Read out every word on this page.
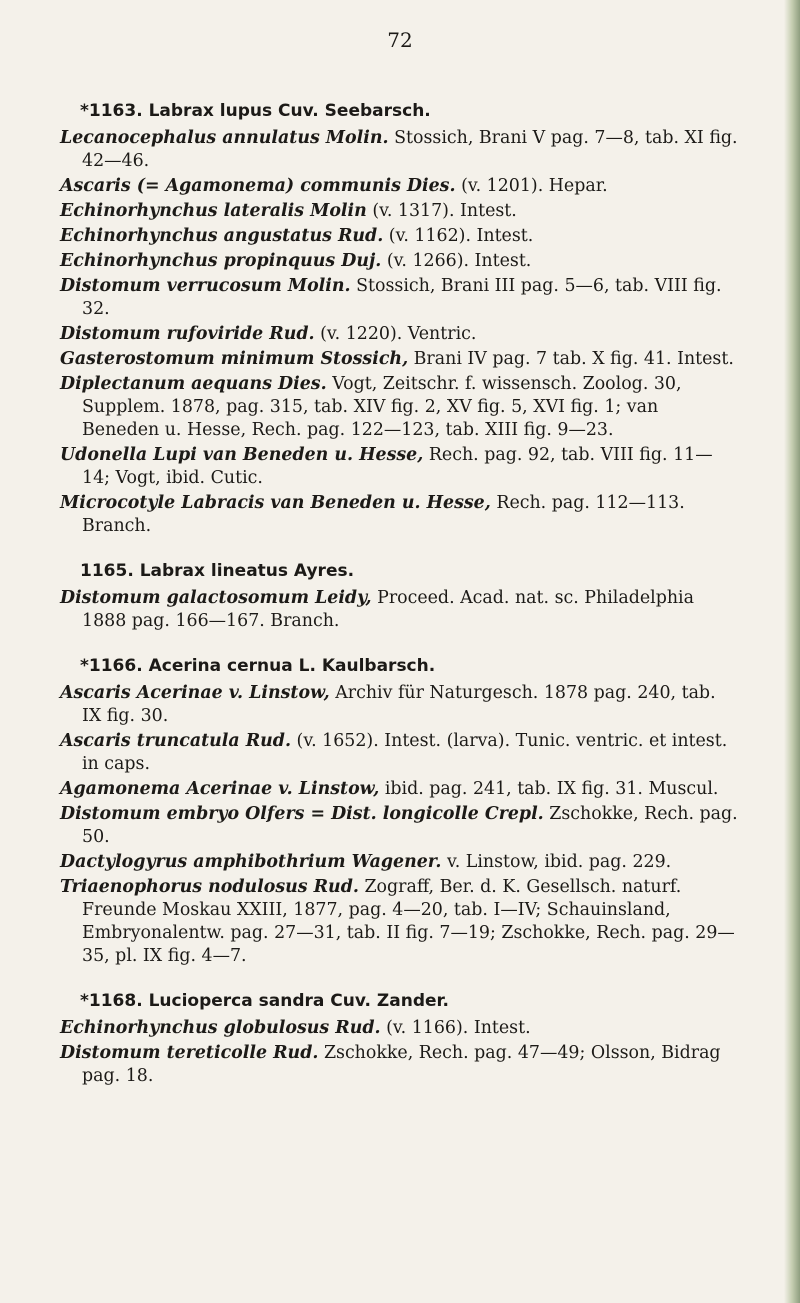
72
*1163. Labrax lupus Cuv. Seebarsch.

Lecanocephalus annulatus Molin. Stossich, Brani V pag. 7—8, tab. XI fig. 42—46.

Ascaris (= Agamonema) communis Dies. (v. 1201). Hepar.

Echinorhynchus lateralis Molin (v. 1317). Intest.

Echinorhynchus angustatus Rud. (v. 1162). Intest.

Echinorhynchus propinquus Duj. (v. 1266). Intest.

Distomum verrucosum Molin. Stossich, Brani III pag. 5—6, tab. VIII fig. 32.

Distomum rufoviride Rud. (v. 1220). Ventric.

Gasterostomum minimum Stossich, Brani IV pag. 7 tab. X fig. 41. Intest.

Diplectanum aequans Dies. Vogt, Zeitschr. f. wissensch. Zoolog. 30, Supplem. 1878, pag. 315, tab. XIV fig. 2, XV fig. 5, XVI fig. 1; van Beneden u. Hesse, Rech. pag. 122—123, tab. XIII fig. 9—23.

Udonella Lupi van Beneden u. Hesse, Rech. pag. 92, tab. VIII fig. 11—14; Vogt, ibid. Cutic.

Microcotyle Labracis van Beneden u. Hesse, Rech. pag. 112—113. Branch.

1165. Labrax lineatus Ayres.

Distomum galactosomum Leidy, Proceed. Acad. nat. sc. Philadelphia 1888 pag. 166—167. Branch.

*1166. Acerina cernua L. Kaulbarsch.

Ascaris Acerinae v. Linstow, Archiv für Naturgesch. 1878 pag. 240, tab. IX fig. 30.

Ascaris truncatula Rud. (v. 1652). Intest. (larva). Tunic. ventric. et intest. in caps.

Agamonema Acerinae v. Linstow, ibid. pag. 241, tab. IX fig. 31. Muscul.

Distomum embryo Olfers = Dist. longicolle Crepl. Zschokke, Rech. pag. 50.

Dactylogyrus amphibothrium Wagener. v. Linstow, ibid. pag. 229.

Triaenophorus nodulosus Rud. Zograff, Ber. d. K. Gesellsch. naturf. Freunde Moskau XXIII, 1877, pag. 4—20, tab. I—IV; Schauinsland, Embryonalentw. pag. 27—31, tab. II fig. 7—19; Zschokke, Rech. pag. 29—35, pl. IX fig. 4—7.

*1168. Lucioperca sandra Cuv. Zander.

Echinorhynchus globulosus Rud. (v. 1166). Intest.

Distomum tereticolle Rud. Zschokke, Rech. pag. 47—49; Olsson, Bidrag pag. 18.
